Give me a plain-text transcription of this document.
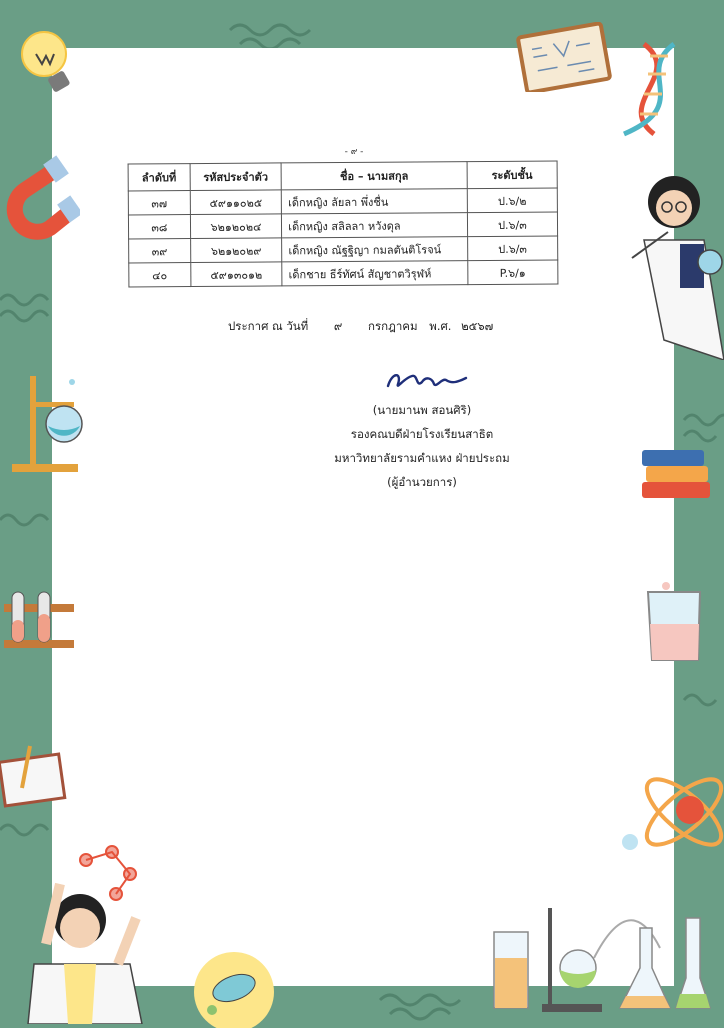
- ๙ -
ลำดับที่	รหัสประจำตัว	ชื่อ – นามสกุล	ระดับชั้น
๓๗	๕๙๑๑๐๒๕	เด็กหญิง ลัยลา พึ่งชื่น	ป.๖/๒
๓๘	๖๒๑๒๐๒๔	เด็กหญิง สลิลลา หวังดุล	ป.๖/๓
๓๙	๖๒๑๒๐๒๙	เด็กหญิง ณัฐฐิญา กมลตันติโรจน์	ป.๖/๓
๔๐	๕๙๑๓๐๑๒	เด็กชาย ธีร์ทัศน์ สัญชาตวิรุฬห์	P.๖/๑
ประกาศ ณ วันที่ ๙ กรกฎาคม พ.ศ. ๒๕๖๗
(นายมานพ สอนศิริ)
รองคณบดีฝ่ายโรงเรียนสาธิต
มหาวิทยาลัยรามคำแหง ฝ่ายประถม
(ผู้อำนวยการ)
